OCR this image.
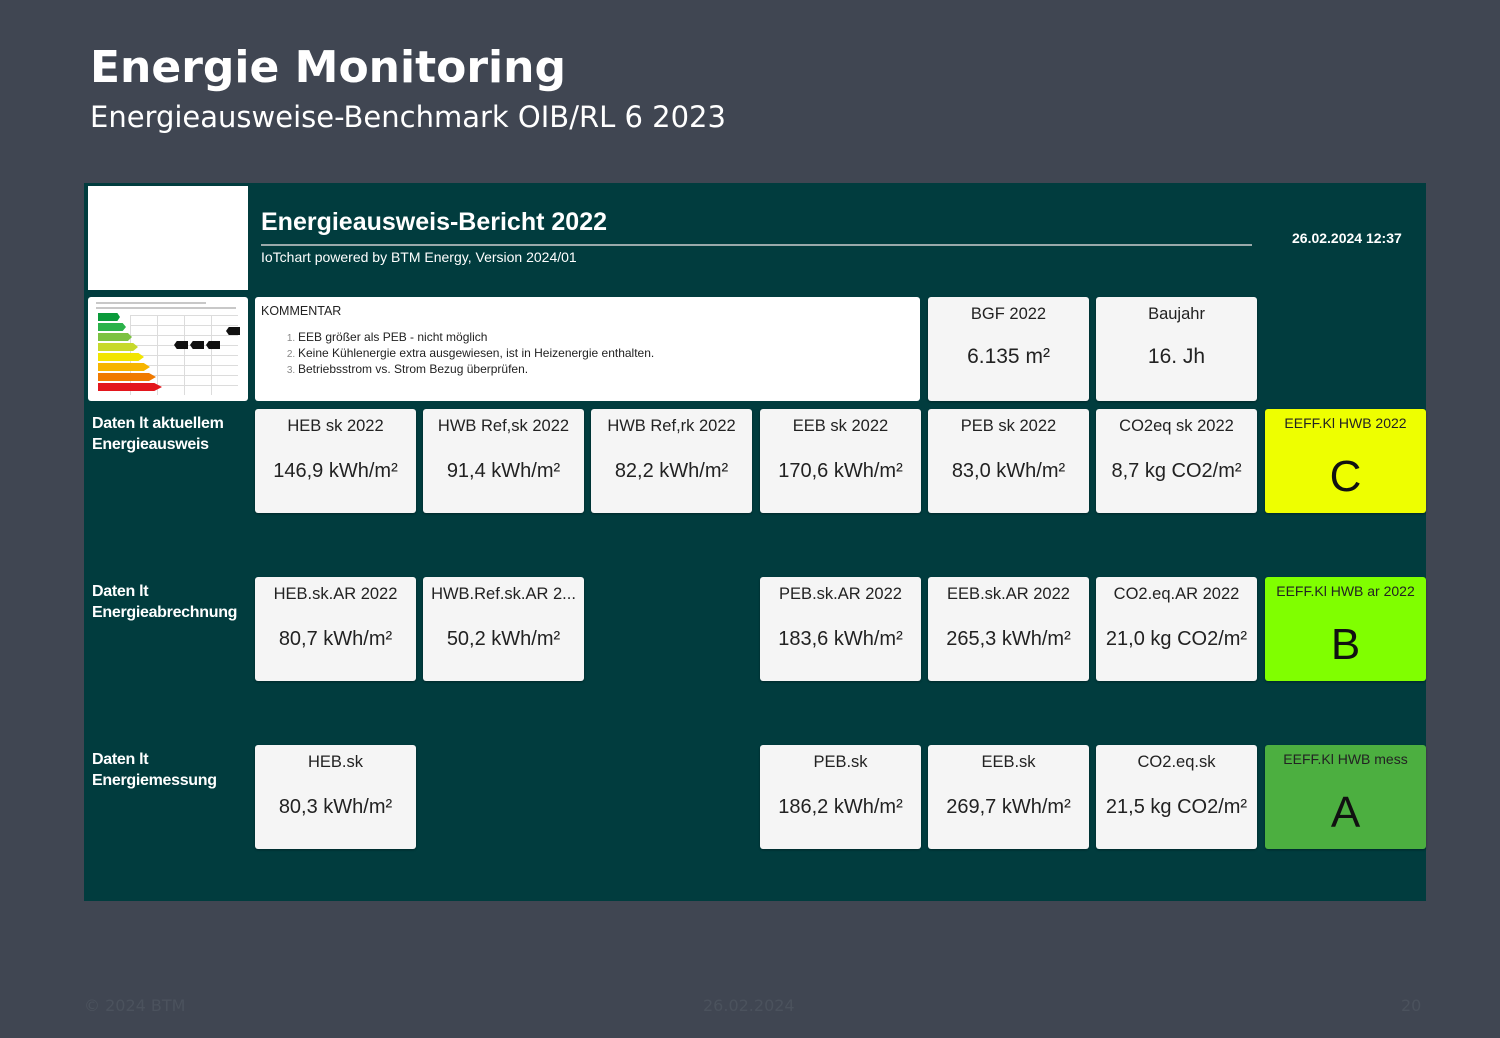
Energie Monitoring
Energieausweise-Benchmark OIB/RL 6 2023
Energieausweis-Bericht 2022
IoTchart powered by BTM Energy, Version 2024/01
26.02.2024 12:37
KOMMENTAR
1. EEB größer als PEB - nicht möglich
2. Keine Kühlenergie extra ausgewiesen, ist in Heizenergie enthalten.
3. Betriebsstrom vs. Strom Bezug überprüfen.
BGF 2022
6.135 m²
Baujahr
16. Jh
Daten lt aktuellem Energieausweis
HEB sk 2022
146,9 kWh/m²
HWB Ref,sk 2022
91,4 kWh/m²
HWB Ref,rk 2022
82,2 kWh/m²
EEB sk 2022
170,6 kWh/m²
PEB sk 2022
83,0 kWh/m²
CO2eq sk 2022
8,7 kg CO2/m²
EEFF.Kl HWB 2022
C
Daten lt Energieabrechnung
HEB.sk.AR 2022
80,7 kWh/m²
HWB.Ref.sk.AR 2...
50,2 kWh/m²
PEB.sk.AR 2022
183,6 kWh/m²
EEB.sk.AR 2022
265,3 kWh/m²
CO2.eq.AR 2022
21,0 kg CO2/m²
EEFF.Kl HWB ar 2022
B
Daten lt Energiemessung
HEB.sk
80,3 kWh/m²
PEB.sk
186,2 kWh/m²
EEB.sk
269,7 kWh/m²
CO2.eq.sk
21,5 kg CO2/m²
EEFF.Kl HWB mess
A
© 2024 BTM	26.02.2024	20
